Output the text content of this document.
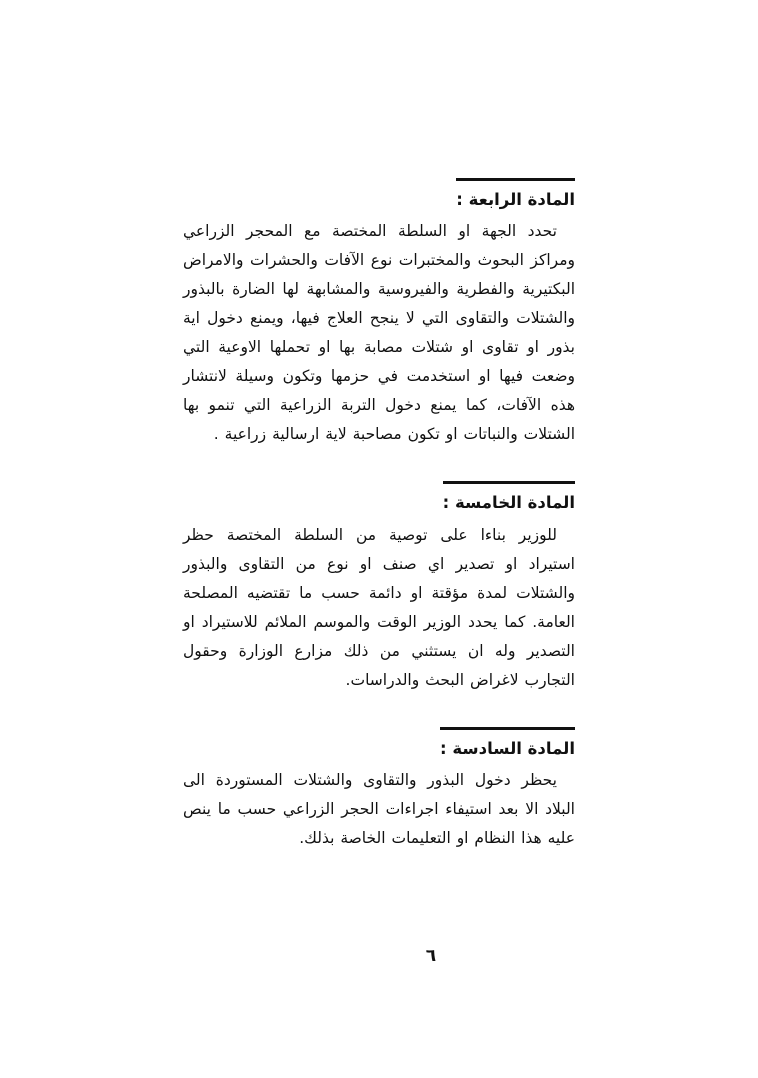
المادة الرابعة :

تحدد الجهة او السلطة المختصة مع المحجر الزراعي ومراكز البحوث والمختبرات نوع الآفات والحشرات والامراض البكتيرية والفطرية والفيروسية والمشابهة لها الضارة بالبذور والشتلات والتقاوى التي لا ينجح العلاج فيها، ويمنع دخول اية بذور او تقاوى او شتلات مصابة بها او تحملها الاوعية التي وضعت فيها او استخدمت في حزمها وتكون وسيلة لانتشار هذه الآفات، كما يمنع دخول التربة الزراعية التي تنمو بها الشتلات والنباتات او تكون مصاحبة لاية ارسالية زراعية .

المادة الخامسة :

للوزير بناءا على توصية من السلطة المختصة حظر استيراد او تصدير اي صنف او نوع من التقاوى والبذور والشتلات لمدة مؤقتة او دائمة حسب ما تقتضيه المصلحة العامة. كما يحدد الوزير الوقت والموسم الملائم للاستيراد او التصدير وله ان يستثني من ذلك مزارع الوزارة وحقول التجارب لاغراض البحث والدراسات.

المادة السادسة :

يحظر دخول البذور والتقاوى والشتلات المستوردة الى البلاد الا بعد استيفاء اجراءات الحجر الزراعي حسب ما ينص عليه هذا النظام او التعليمات الخاصة بذلك.

٦
